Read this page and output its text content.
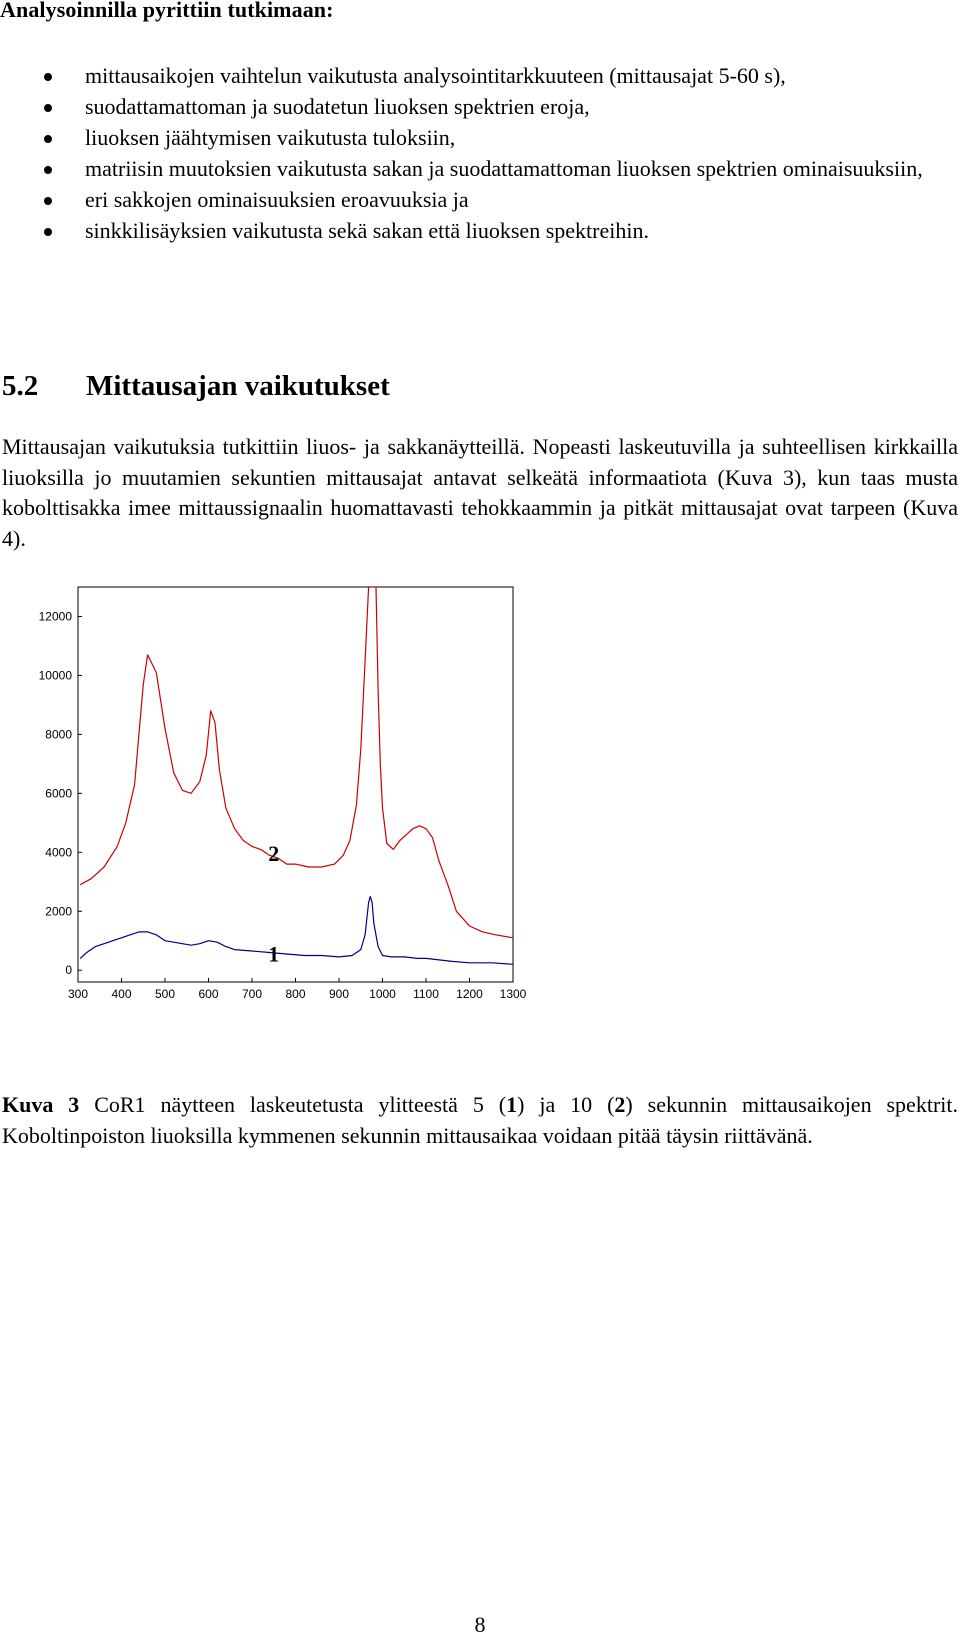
Analysoinnilla pyrittiin tutkimaan:
mittausaikojen vaihtelun vaikutusta analysointitarkkuuteen (mittausajat 5-60 s),
suodattamattoman ja suodatetun liuoksen spektrien eroja,
liuoksen jäähtymisen vaikutusta tuloksiin,
matriisin muutoksien vaikutusta sakan ja suodattamattoman liuoksen spektrien ominaisuuksiin,
eri sakkojen ominaisuuksien eroavuuksia ja
sinkkilisäyksien vaikutusta sekä sakan että liuoksen spektreihin.
5.2 Mittausajan vaikutukset
Mittausajan vaikutuksia tutkittiin liuos- ja sakkanäytteillä. Nopeasti laskeutuvilla ja suhteellisen kirkkailla liuoksilla jo muutamien sekuntien mittausajat antavat selkeätä informaatiota (Kuva 3), kun taas musta kobolttisakka imee mittaussignaalin huomattavasti tehokkaammin ja pitkät mittausajat ovat tarpeen (Kuva 4).
0
2000
4000
6000
8000
10000
12000
300 400 500 600 700 800 900 1000 1100 1200 1300
2
1
Kuva 3 CoR1 näytteen laskeutetusta ylitteestä 5 (1) ja 10 (2) sekunnin mittausaikojen spektrit. Koboltinpoiston liuoksilla kymmenen sekunnin mittausaikaa voidaan pitää täysin riittävänä.
8
